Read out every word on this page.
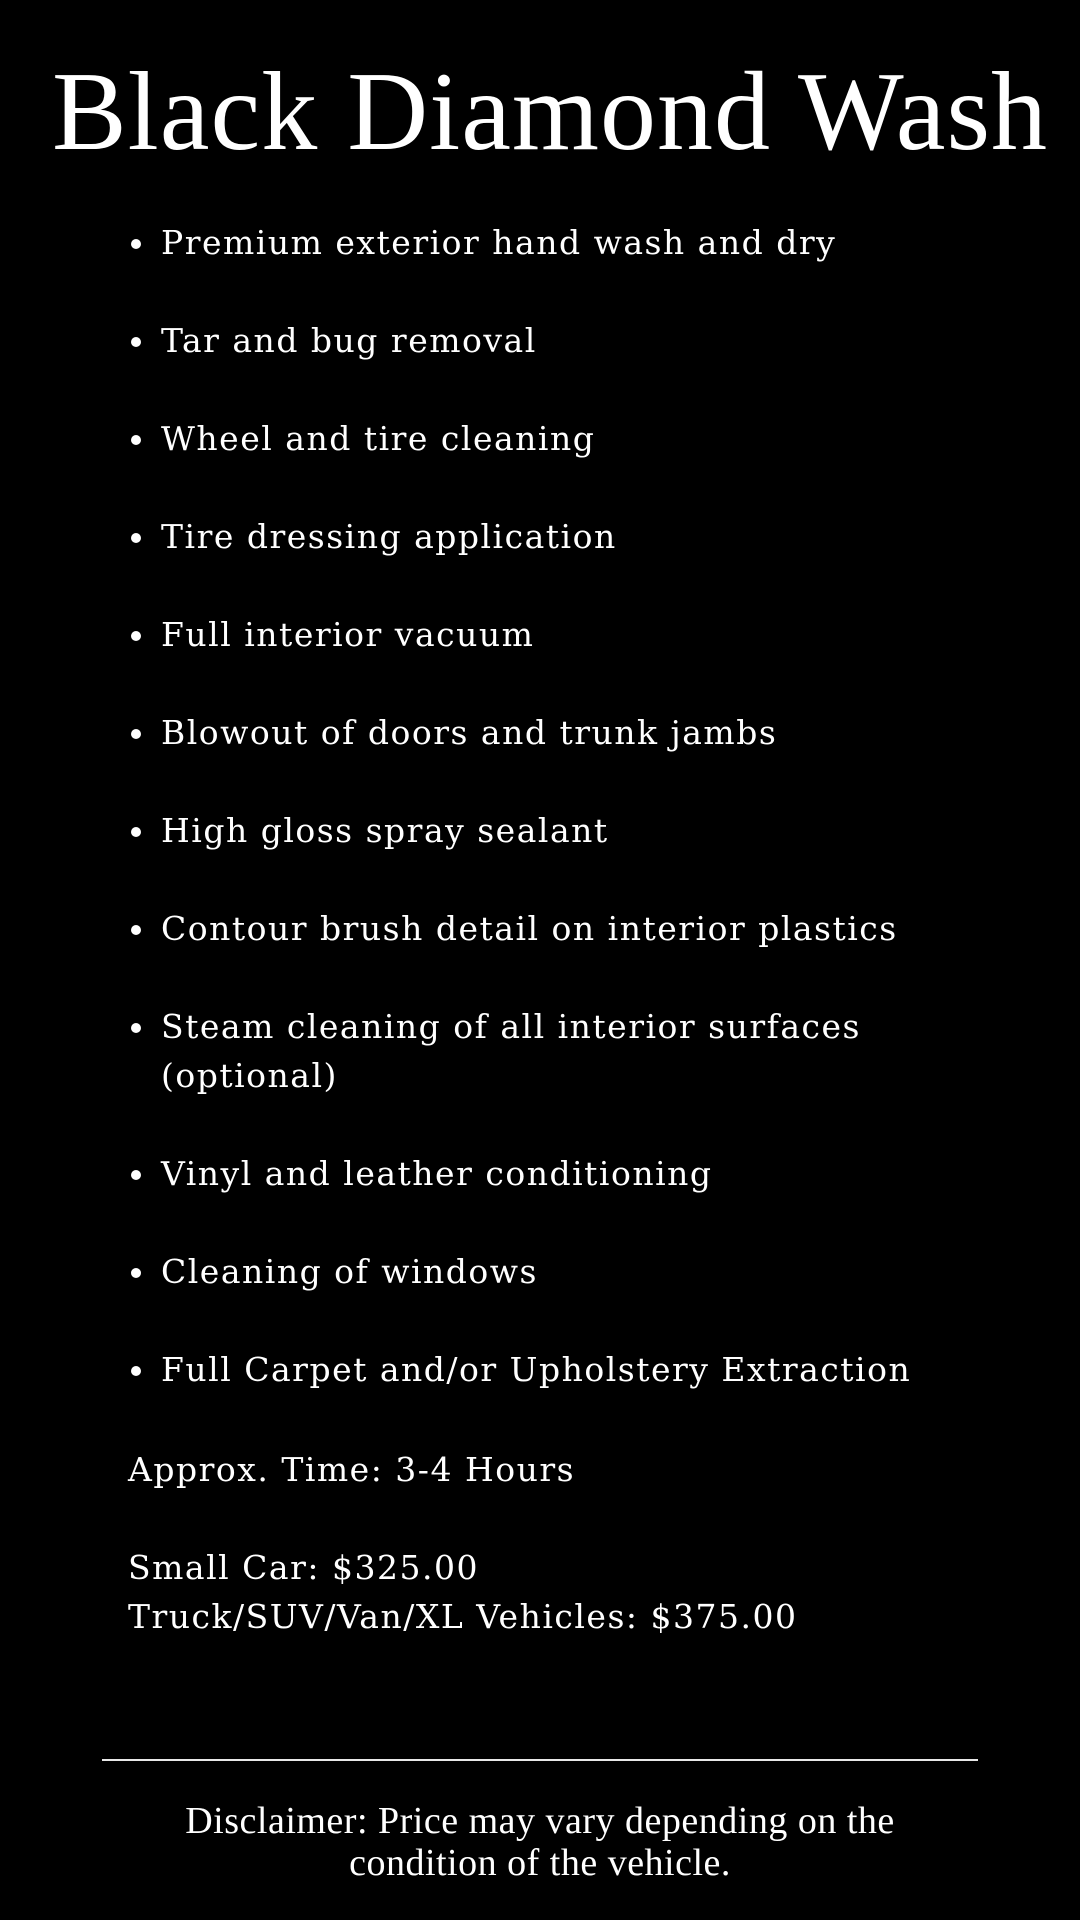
Black Diamond Wash
Premium exterior hand wash and dry
Tar and bug removal
Wheel and tire cleaning
Tire dressing application
Full interior vacuum
Blowout of doors and trunk jambs
High gloss spray sealant
Contour brush detail on interior plastics
Steam cleaning of all interior surfaces (optional)
Vinyl and leather conditioning
Cleaning of windows
Full Carpet and/or Upholstery Extraction
Approx. Time: 3-4 Hours
Small Car: $325.00
Truck/SUV/Van/XL Vehicles: $375.00
Disclaimer: Price may vary depending on the condition of the vehicle.
